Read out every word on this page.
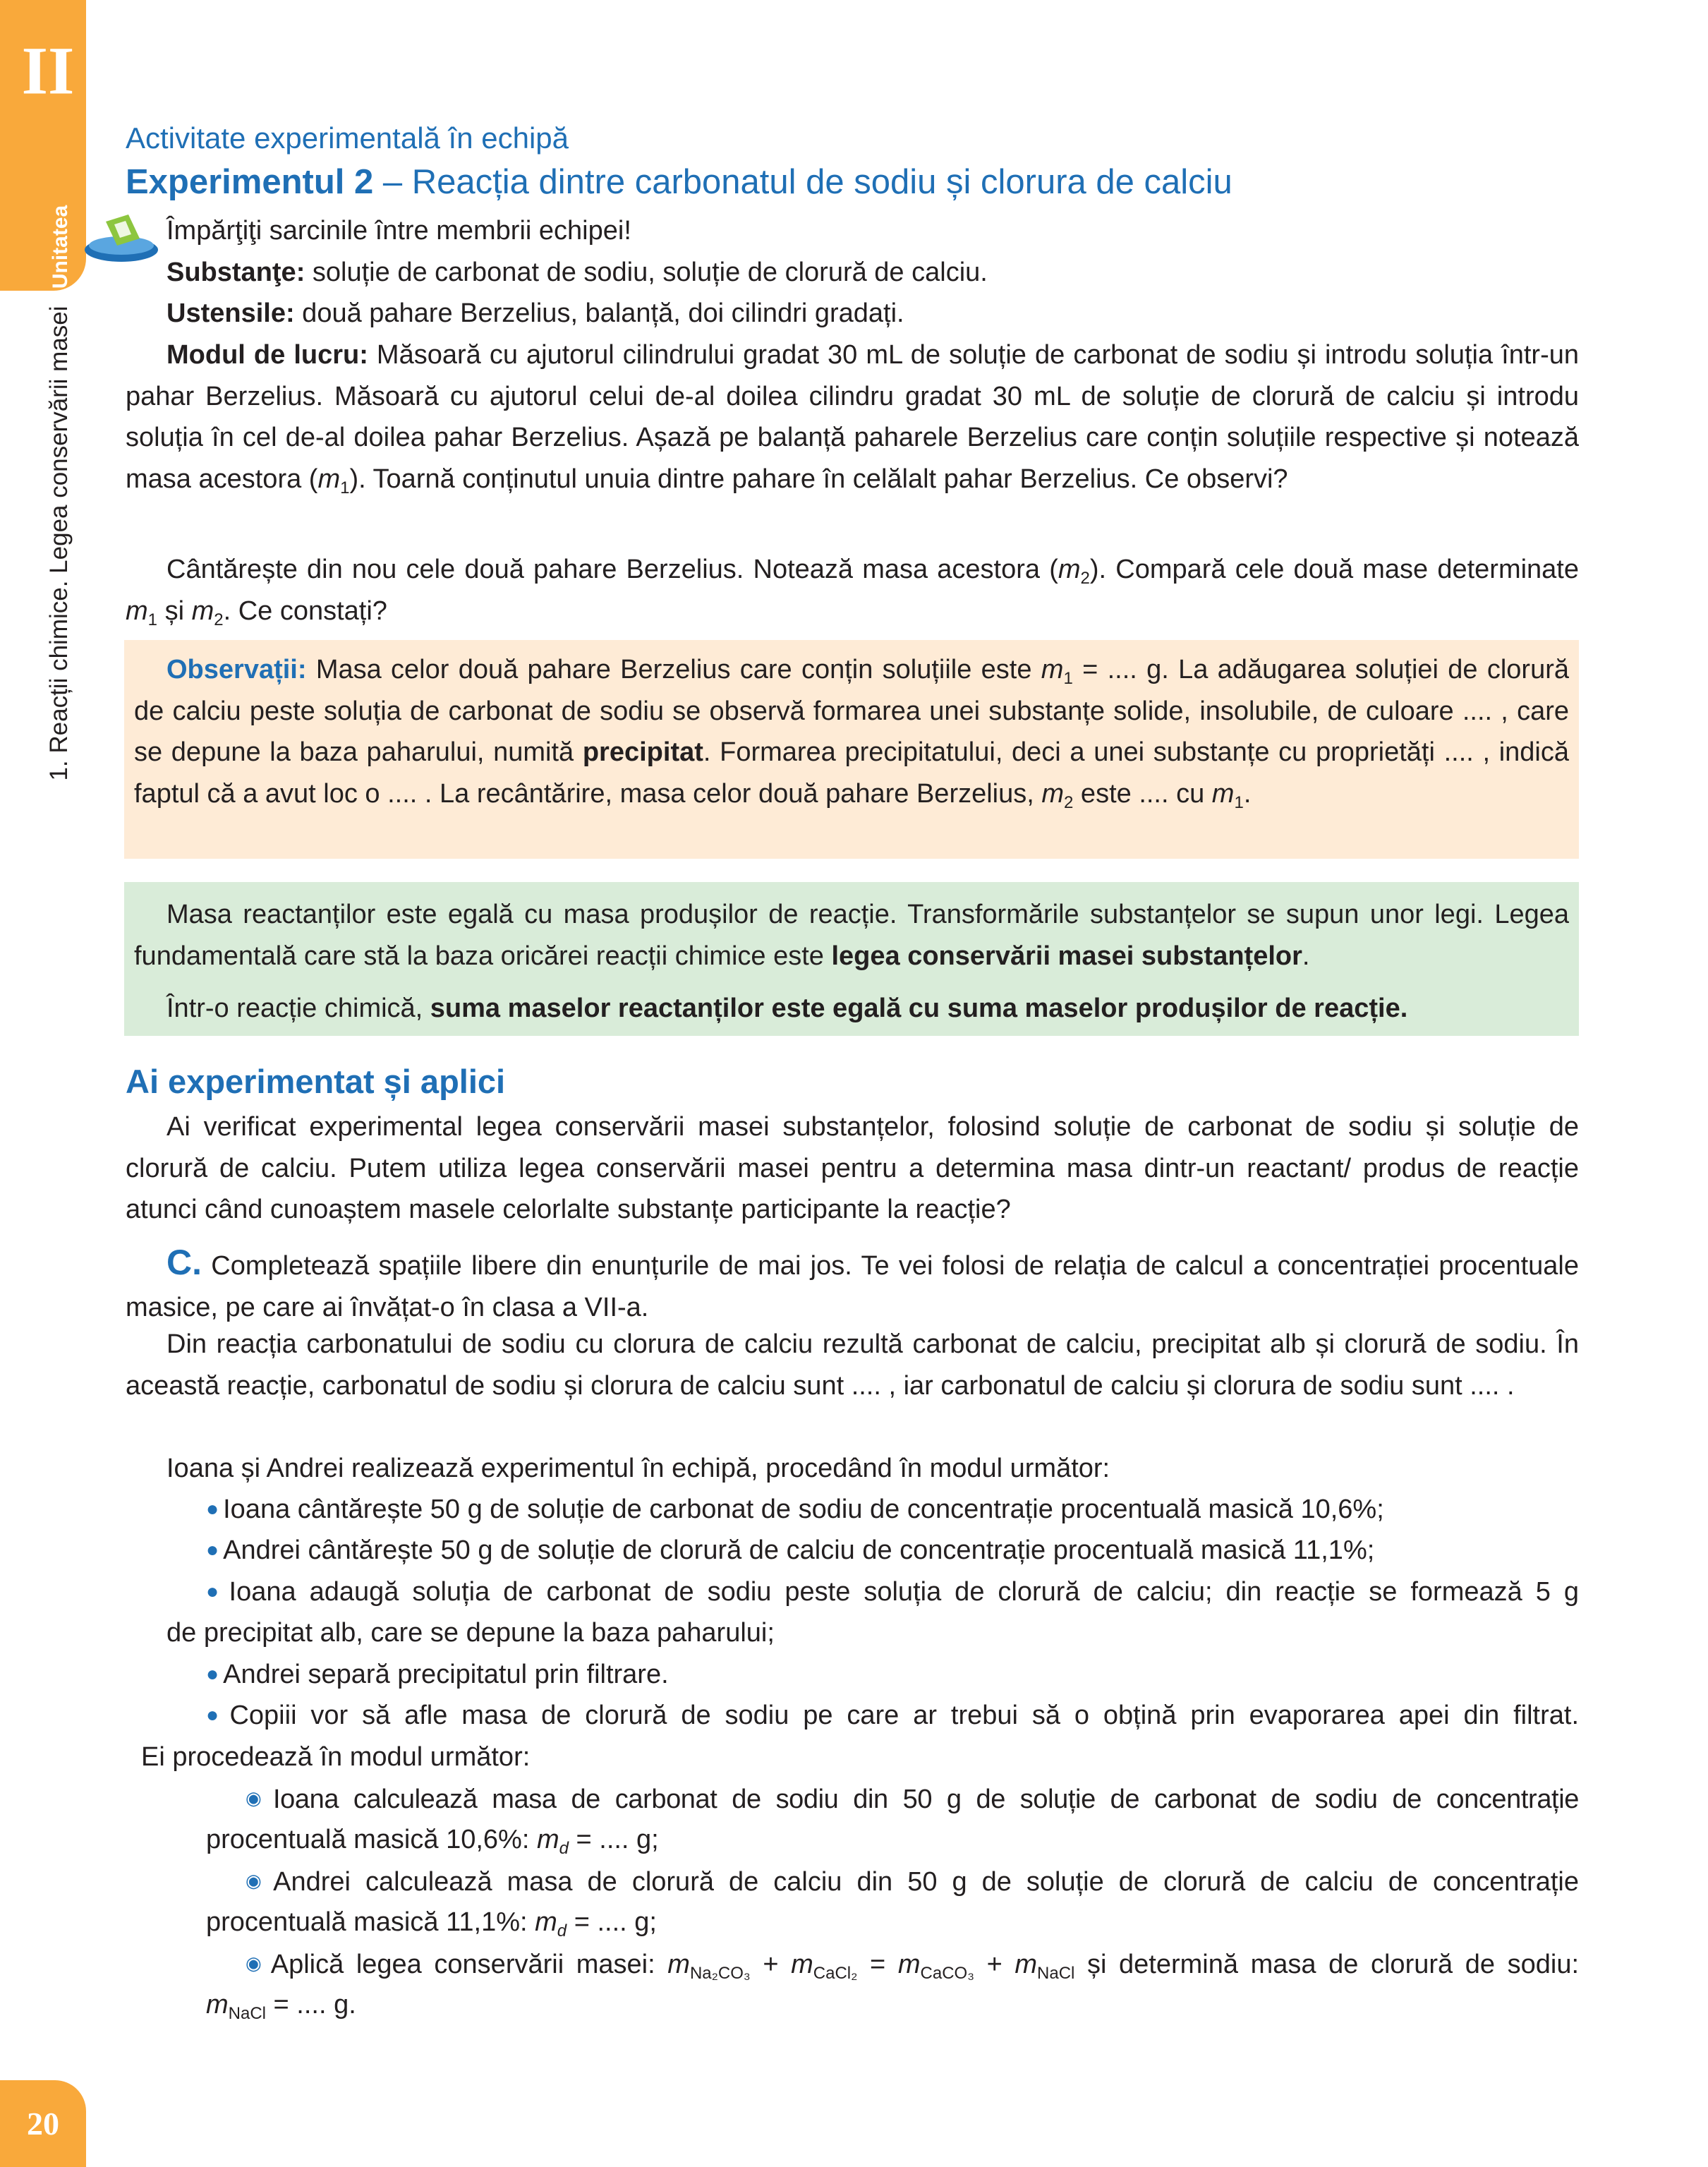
II
Unitatea
1. Reacții chimice. Legea conservării masei
20
Activitate experimentală în echipă
Experimentul 2 – Reacția dintre carbonatul de sodiu și clorura de calciu

Împărţiţi sarcinile între membrii echipei!
Substanţe: soluție de carbonat de sodiu, soluție de clorură de calciu.
Ustensile: două pahare Berzelius, balanță, doi cilindri gradați.

Modul de lucru: Măsoară cu ajutorul cilindrului gradat 30 mL de soluție de carbonat de sodiu și introdu soluția într-un pahar Berzelius. Măsoară cu ajutorul celui de-al doilea cilindru gradat 30 mL de soluție de clorură de calciu și introdu soluția în cel de-al doilea pahar Berzelius. Așază pe balanță paharele Berzelius care conțin soluțiile respective și notează masa acestora $(m_1)$. Toarnă conținutul unuia dintre pahare în celălalt pahar Berzelius. Ce observi?

Cântărește din nou cele două pahare Berzelius. Notează masa acestora $(m_2)$. Compară cele două mase determinate $m_1$ și $m_2$. Ce constați?

Observații: Masa celor două pahare Berzelius care conțin soluțiile este $m_1$ = .... g. La adăugarea soluției de clorură de calciu peste soluția de carbonat de sodiu se observă formarea unei substanțe solide, insolubile, de culoare .... , care se depune la baza paharului, numită precipitat. Formarea precipitatului, deci a unei substanțe cu proprietăți .... , indică faptul că a avut loc o .... . La recântărire, masa celor două pahare Berzelius, $m_2$ este .... cu $m_1$.

Masa reactanților este egală cu masa produșilor de reacție. Transformările substanțelor se supun unor legi. Legea fundamentală care stă la baza oricărei reacții chimice este legea conservării masei substanțelor.

Într-o reacție chimică, suma maselor reactanților este egală cu suma maselor produșilor de reacție.

Ai experimentat și aplici

Ai verificat experimental legea conservării masei substanțelor, folosind soluție de carbonat de sodiu și soluție de clorură de calciu. Putem utiliza legea conservării masei pentru a determina masa dintr-un reactant/ produs de reacție atunci când cunoaștem masele celorlalte substanțe participante la reacție?

C. Completează spațiile libere din enunțurile de mai jos. Te vei folosi de relația de calcul a concentrației procentuale masice, pe care ai învățat-o în clasa a VII-a.

Din reacția carbonatului de sodiu cu clorura de calciu rezultă carbonat de calciu, precipitat alb și clorură de sodiu. În această reacție, carbonatul de sodiu și clorura de calciu sunt .... , iar carbonatul de calciu și clorura de sodiu sunt .... .

Ioana și Andrei realizează experimentul în echipă, procedând în modul următor:

● Ioana cântărește 50 g de soluție de carbonat de sodiu de concentrație procentuală masică 10,6%;

● Andrei cântărește 50 g de soluție de clorură de calciu de concentrație procentuală masică 11,1%;

● Ioana adaugă soluția de carbonat de sodiu peste soluția de clorură de calciu; din reacție se formează 5 g

de precipitat alb, care se depune la baza paharului;

● Andrei separă precipitatul prin filtrare.

● Copiii vor să afle masa de clorură de sodiu pe care ar trebui să o obțină prin evaporarea apei din filtrat.

Ei procedează în modul următor:

◉ Ioana calculează masa de carbonat de sodiu din 50 g de soluție de carbonat de sodiu de concentrație

procentuală masică 10,6%: $m_d$ = .... g;

◉ Andrei calculează masa de clorură de calciu din 50 g de soluție de clorură de calciu de concentrație

procentuală masică 11,1%: $m_d$ = .... g;

◉ Aplică legea conservării masei: $m_{Na_2CO_3} + m_{CaCl_2} = m_{CaCO_3} + m_{NaCl}$ și determină masa de clorură de sodiu:

$m_{NaCl}$ = .... g.
